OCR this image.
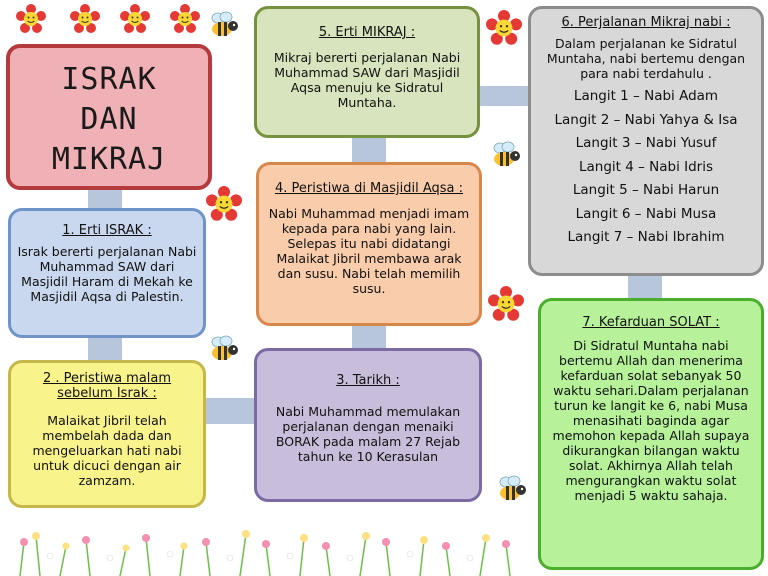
ISRAK
DAN
MIKRAJ
1. Erti ISRAK :
Israk bererti perjalanan Nabi Muhammad SAW dari Masjidil Haram di Mekah ke Masjidil Aqsa di Palestin.
2 . Peristiwa malam sebelum Israk :
Malaikat Jibril telah membelah dada dan mengeluarkan hati nabi untuk dicuci dengan air zamzam.
3. Tarikh :
Nabi Muhammad memulakan perjalanan dengan menaiki BORAK pada malam 27 Rejab tahun ke 10 Kerasulan
4. Peristiwa di Masjidil Aqsa :
Nabi Muhammad menjadi imam kepada para nabi yang lain. Selepas itu nabi didatangi Malaikat Jibril membawa arak dan susu. Nabi telah memilih susu.
5. Erti MIKRAJ :
Mikraj bererti perjalanan Nabi Muhammad SAW dari Masjidil Aqsa menuju ke Sidratul Muntaha.
6. Perjalanan Mikraj nabi :
Dalam perjalanan ke Sidratul Muntaha, nabi bertemu dengan para nabi terdahulu .
Langit 1 – Nabi Adam
Langit 2 – Nabi Yahya & Isa
Langit 3 – Nabi Yusuf
Langit 4 – Nabi Idris
Langit 5 – Nabi Harun
Langit 6 – Nabi Musa
Langit 7 – Nabi Ibrahim
7. Kefarduan SOLAT :
Di Sidratul Muntaha nabi bertemu Allah dan menerima kefarduan solat sebanyak 50 waktu sehari.Dalam perjalanan turun ke langit ke 6, nabi Musa menasihati baginda agar memohon kepada Allah supaya dikurangkan bilangan waktu solat. Akhirnya Allah telah mengurangkan waktu solat menjadi 5 waktu sahaja.
